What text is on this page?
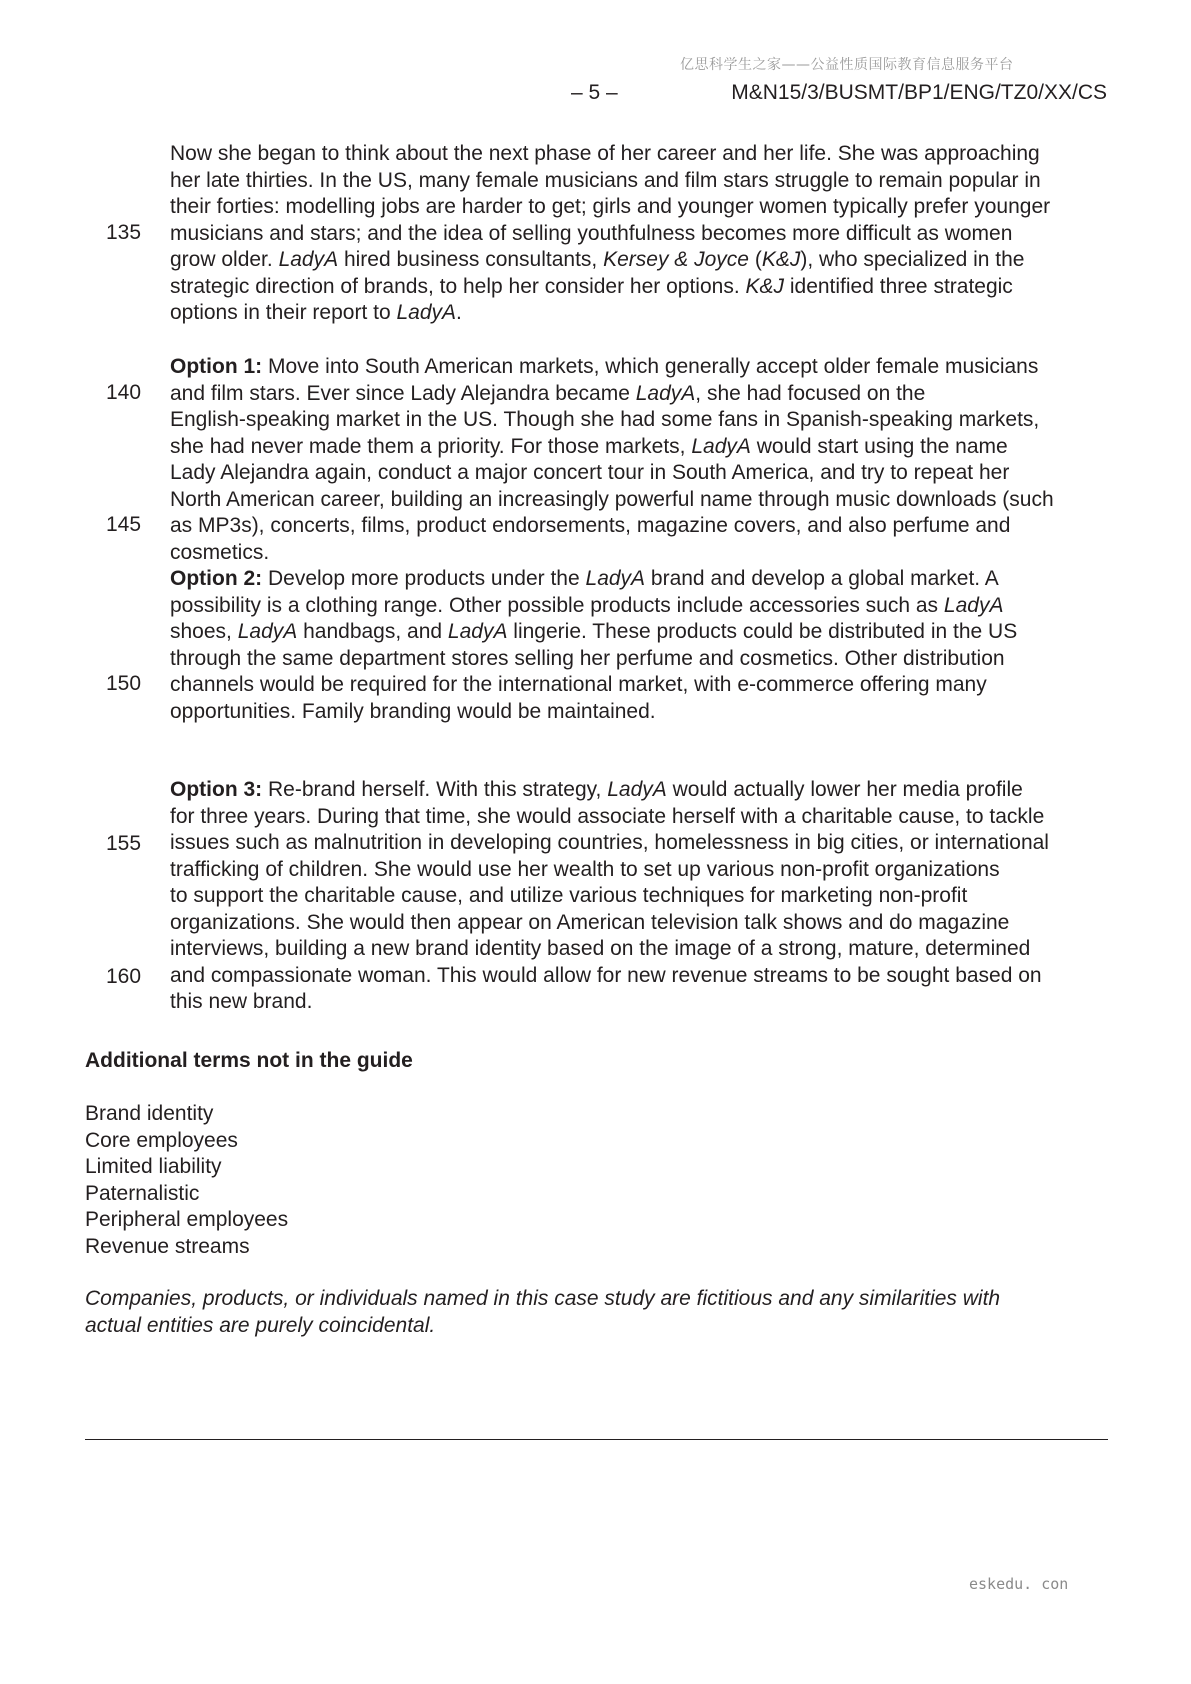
亿思科学生之家——公益性质国际教育信息服务平台
– 5 –	M&N15/3/BUSMT/BP1/ENG/TZ0/XX/CS
135
140
145
150
155
160
Now she began to think about the next phase of her career and her life. She was approaching
her late thirties. In the US, many female musicians and film stars struggle to remain popular in
their forties: modelling jobs are harder to get; girls and younger women typically prefer younger
musicians and stars; and the idea of selling youthfulness becomes more difficult as women
grow older. LadyA hired business consultants, Kersey & Joyce (K&J), who specialized in the
strategic direction of brands, to help her consider her options. K&J identified three strategic
options in their report to LadyA.
Option 1: Move into South American markets, which generally accept older female musicians
and film stars. Ever since Lady Alejandra became LadyA, she had focused on the
English-speaking market in the US. Though she had some fans in Spanish-speaking markets,
she had never made them a priority. For those markets, LadyA would start using the name
Lady Alejandra again, conduct a major concert tour in South America, and try to repeat her
North American career, building an increasingly powerful name through music downloads (such
as MP3s), concerts, films, product endorsements, magazine covers, and also perfume and
cosmetics.
Option 2: Develop more products under the LadyA brand and develop a global market. A
possibility is a clothing range. Other possible products include accessories such as LadyA
shoes, LadyA handbags, and LadyA lingerie. These products could be distributed in the US
through the same department stores selling her perfume and cosmetics. Other distribution
channels would be required for the international market, with e-commerce offering many
opportunities. Family branding would be maintained.
Option 3: Re-brand herself. With this strategy, LadyA would actually lower her media profile
for three years. During that time, she would associate herself with a charitable cause, to tackle
issues such as malnutrition in developing countries, homelessness in big cities, or international
trafficking of children. She would use her wealth to set up various non-profit organizations
to support the charitable cause, and utilize various techniques for marketing non-profit
organizations. She would then appear on American television talk shows and do magazine
interviews, building a new brand identity based on the image of a strong, mature, determined
and compassionate woman. This would allow for new revenue streams to be sought based on
this new brand.
Additional terms not in the guide
Brand identity
Core employees
Limited liability
Paternalistic
Peripheral employees
Revenue streams
Companies, products, or individuals named in this case study are fictitious and any similarities with
actual entities are purely coincidental.
eskedu. con
